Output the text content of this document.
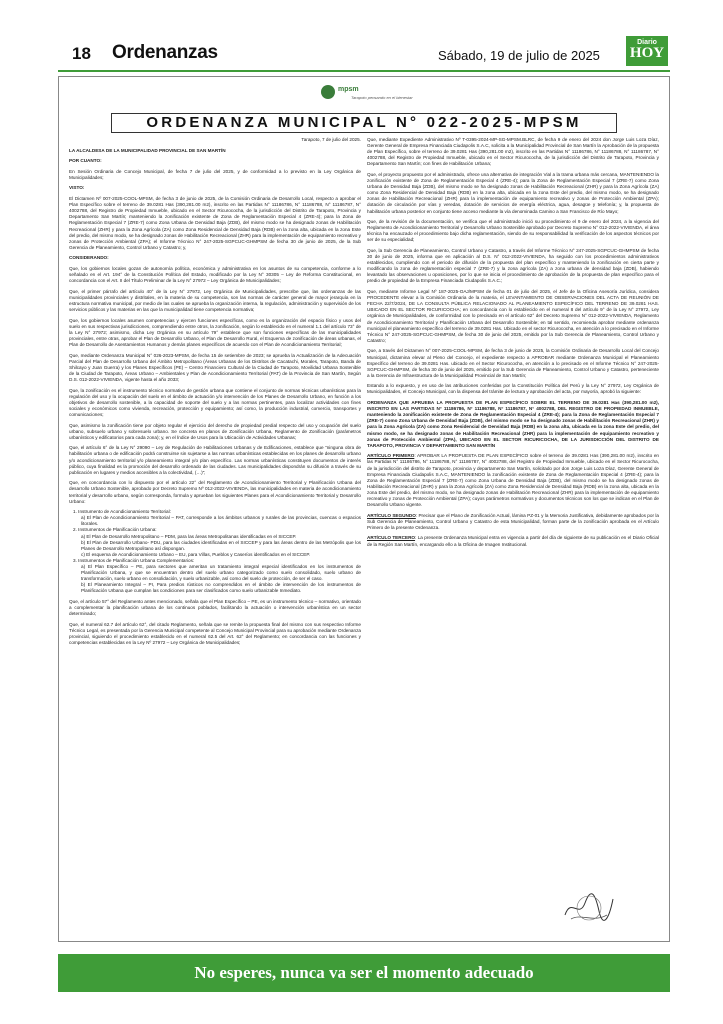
18 Ordenanzas	Sábado, 19 de julio de 2025
Diario
HOY
mpsm
Tarapoto pensando en el bienestar
ORDENANZA MUNICIPAL N° 022-2025-MPSM

Tarapoto, 7 de julio del 2025.

LA ALCALDESA DE LA MUNICIPALIDAD PROVINCIAL DE SAN MARTÍN

POR CUANTO:

En Sesión Ordinaria de Concejo Municipal, de fecha 7 de julio del 2025, y de conformidad a lo previsto en la Ley Orgánica de Municipalidades;

VISTO:

El Dictamen Nº 007-2025-COOL-MPSM, de fecha 3 de junio de 2025, de la Comisión Ordinaria de Desarrollo Local, respecto a aprobar el Plan Específico sobre el terreno de 39.0281 Has (390,281.00 m2), inscrito en las Partidas N° 11186786, N° 11186788, N° 11186787, N° 4002788, del Registro de Propiedad Inmueble, ubicado en el Sector Ricurococha, de la jurisdicción del Distrito de Tarapoto, Provincia y Departamento San Martín; manteniendo la zonificación existente de Zona de Reglamentación Especial 4 (ZRE-4); para la Zona de Reglamentación Especial 7 (ZRE-7) como Zona Urbana de Densidad Baja (ZDB), del mismo modo se ha designado zonas de Habilitación Recreacional (ZHR) y para la Zona Agrícola (ZA) como Zona Residencial de Densidad Baja (RDB) en la zona alta, ubicada en la zona Este del predio, del mismo modo, se ha designado zonas de Habilitación Recreacional (ZHR) para la implementación de equipamiento recreativo y zonas de Protección Ambiental (ZPA); el Informe Técnico N° 247-2025-SGPCUC-GHMPSM de fecha 30 de junio de 2025, de la Sub Gerencia de Planeamiento, Control Urbano y Catastro; y,

CONSIDERANDO:

Que, los gobiernos locales gozan de autonomía política, económica y administrativa en los asuntos de su competencia, conforme a lo señalado en el Art. 194° de la Constitución Política del Estado, modificado por la Ley N° 30305 – Ley de Reforma Constitucional, en concordancia con el Art. II del Título Preliminar de la Ley N° 27972 – Ley Orgánica de Municipalidades;

Que, el primer párrafo del artículo 40° de la Ley N° 27972, Ley Orgánica de Municipalidades, prescribe que, las ordenanzas de las municipalidades provinciales y distritales, en la materia de su competencia, son las normas de carácter general de mayor jerarquía en la estructura normativa municipal, por medio de las cuales se aprueba la organización interna, la regulación, administración y supervisión de los servicios públicos y las materias en las que la municipalidad tiene competencia normativa;

Que, los gobiernos locales asumen competencias y ejercen funciones específicas, como es la organización del espacio físico y usos del suelo en sus respectivas jurisdicciones, comprendiendo entre otros, la zonificación, según lo establecido en el numeral 1.1 del artículo 73° de la Ley N° 27972; asimismo, dicha Ley Orgánica en su artículo 79° establece que son funciones específicas de las municipalidades provinciales, entre otras, aprobar el Plan de Desarrollo Urbano, el Plan de Desarrollo Rural, el Esquema de zonificación de áreas urbanas, el Plan de Desarrollo de Asentamientos Humanos y demás planes específicos de acuerdo con el Plan de Acondicionamiento Territorial;

Que, mediante Ordenanza Municipal N° 026-2023-MPSM, de fecha 15 de setiembre de 2023; se aprueba la Actualización de la Adecuación Parcial del Plan de Desarrollo Urbano del Ámbito Metropolitano (Áreas Urbanas de los Distritos de Cacatachi, Morales, Tarapoto, Banda de Shilcayo y Juan Guerra) y los Planes Específicos (PE) – Centro Financiero Cultural de la Ciudad de Tarapoto, Movilidad Urbana Sostenible de la Ciudad de Tarapoto, Áreas Urbano – Ambientales y Plan de Acondicionamiento Territorial (PAT) de la Provincia de San Martín, Según D.S. 012-2022-VIVIENDA, vigente hasta el año 2033;

Que, la zonificación es el instrumento técnico normativo de gestión urbana que contiene el conjunto de normas técnicas urbanísticas para la regulación del uso y la ocupación del suelo en el ámbito de actuación y/o intervención de los Planes de Desarrollo Urbano, en función a los objetivos de desarrollo sostenible, a la capacidad de soporte del suelo y a las normas pertinentes, para localizar actividades con fines sociales y económicos como vivienda, recreación, protección y equipamiento; así como, la producción industrial, comercio, transportes y comunicaciones;

Que, asimismo la zonificación tiene por objeto regular el ejercicio del derecho de propiedad predial respecto del uso y ocupación del suelo urbano, subsuelo urbano y sobresuelo urbano. Se concreta en planos de Zonificación Urbana, Reglamento de Zonificación (parámetros urbanísticos y edificatorios para cada zona); y, en el Índice de Usos para la Ubicación de Actividades Urbanas;

Que, el artículo 6° de la Ley N° 29090 – Ley de Regulación de Habilitaciones Urbanas y de Edificaciones, establece que “ninguna obra de habilitación urbana o de edificación podrá construirse sin sujetarse a las normas urbanísticas establecidas en los planes de desarrollo urbano y/o acondicionamiento territorial y/o planeamiento integral y/o plan específico. Las normas urbanísticas constituyen documentos de interés público, cuya finalidad es la promoción del desarrollo ordenado de las ciudades. Las municipalidades dispondrán su difusión a través de su publicación en lugares y medios accesibles a la colectividad, (…)”;

Que, en concordancia con lo dispuesto por el artículo 22° del Reglamento de Acondicionamiento Territorial y Planificación Urbana del desarrollo Urbano Sostenible, aprobado por Decreto Supremo Nº 012-2022-VIVIENDA, las municipalidades en materia de acondicionamiento territorial y desarrollo urbano, según corresponda, formula y aprueban los siguientes Planes para el Acondicionamiento Territorial y Desarrollo Urbano:

1. Instrumento de Acondicionamiento Territorial:
a) El Plan de Acondicionamiento Territorial – PAT, corresponde a los ámbitos urbanos y rurales de las provincias, cuencas o espacios litorales.
2. Instrumentos de Planificación Urbana:
a) El Plan de Desarrollo Metropolitano – PDM, para las áreas Metropolitanas identificadas en el SICCEP.
b) El Plan de Desarrollo Urbano- PDU, para las ciudades identificadas en el SICCEP y para las áreas dentro de las Metrópolis que los Planes de Desarrollo Metropolitano así dispongan.
c) El esquema de Acondicionamiento Urbano – EU, para Villas, Pueblos y Caseríos identificados en el SICCEP.
3. Instrumentos de Planificación Urbana Complementarios:
a) El Plan Específico – PE, para sectores que ameritan un tratamiento integral especial identificados en los instrumentos de Planificación Urbana, y que se encuentran dentro del suelo urbano categorizado como suelo consolidado, suelo urbano de transformación, suelo urbano en consolidación, y suelo urbanizable, así como del suelo de protección, de ser el caso.
b) El Planeamiento Integral – PI, Para predios rústicos no comprendidos en el ámbito de intervención de los instrumentos de Planificación Urbana que cumplan las condiciones para ser clasificados como suelo urbanizable Inmediato.

Que, el artículo 57° del Reglamento antes mencionado, señala que el Plan Específico – PE, es un instrumento técnico – normativo, orientado a complementar la planificación urbana de los continuos poblados, facilitando la actuación o intervención urbanística en un sector determinado;

Que, el numeral 62.7 del artículo 62°, del citado Reglamento, señala que se remite la propuesta final del mismo con sus respectivo Informe Técnico Legal, es presentada por la Gerencia Municipal competente al Concejo Municipal Provincial para su aprobación mediante Ordenanza provincial, siguiendo el procedimiento establecido en el numeral 62.5 del Art. 62° del Reglamento; en concordancia con las funciones y competencias establecidas en la Ley Nº 27972 – Ley Orgánica de Municipalidades;

Que, mediante Expediente Administrativo Nº T-0395-2024-MP-SG-MPSM.BLRC, de fecha 9 de enero del 2024 don Jorge Luis Loza Díaz, Gerente General de Empresa Financiada Ciudapolis S.A.C, solicita a la Municipalidad Provincial de San Martín la Aprobación de la propuesta de Plan Específico, sobre el terreno de 39.0281 Has (390,281.00 m2), inscrito en las Partidas N° 11186786, N° 11186788, N° 11186787, N° 4002788, del Registro de Propiedad Inmueble, ubicado en el Sector Ricurococha, de la jurisdicción del Distrito de Tarapoto, Provincia y Departamento San Martín; con fines de Habilitación Urbana;

Que, el proyecto propuesto por el administrado, ofrece una alternativa de integración Vial a la trama urbana más cercana, MANTENIENDO la zonificación existente de Zona de Reglamentación Especial 4 (ZRE-4); para la Zona de Reglamentación Especial 7 (ZRE-7) como Zona Urbana de Densidad Baja (ZDB), del mismo modo se ha designado zonas de Habilitación Recreacional (ZHR) y para la Zona Agrícola (ZA) como Zona Residencial de Densidad Baja (RDB) en la zona alta, ubicada en la zona Este del predio, del mismo modo, se ha designado zonas de Habilitación Recreacional (ZHR) para la implementación de equipamiento recreativo y zonas de Protección Ambiental (ZPA); dotación de circulación por vías y veredas, dotación de servicios de energía eléctrica, agua, desagüe y telefonía; y, la propuesta de habilitación urbana posterior en conjunto tiene acceso mediante la vía denominada Camino a San Francisco de Río Mayo;

Que, de la revisión de la documentación, se verifica que el administrado inició su procedimiento el 9 de enero del 2024, a la vigencia del Reglamento de Acondicionamiento Territorial y Desarrollo Urbano Sostenible aprobado por Decreto Supremo N° 012-2022-VIVIENDA, el área técnica ha encauzado el procedimiento bajo dicha reglamentación, siendo de su responsabilidad la verificación de los aspectos técnicos por ser de su especialidad;

Que, la Sub Gerencia de Planeamiento, Control Urbano y Catastro, a través del Informe Técnico N° 247-2025-SGPCUC-GHMPSM de fecha 30 de junio de 2025, informa que en aplicación al D.S. N° 012-2022-VIVIENDA, ha seguido con los procedimientos administrativos establecidos, cumpliendo con el periodo de difusión de la propuesta del plan específico y manteniendo la zonificación en cierta parte y modificando la zona de reglamentación especial 7 (ZRE-7) y la zona agrícola (ZA) a zona urbana de densidad baja (ZDB), habiendo levantado las observaciones u oposiciones, por lo que se inicia el procedimiento de aprobación de la propuesta de plan específico para el predio de propiedad de la Empresa Financiada Ciudapolis S.A.C.;

Que, mediante Informe Legal Nº 187-2025-OAJ/MPSM de fecha 01 de julio del 2025, el Jefe de la Oficina Asesoría Jurídica, considera PROCEDENTE elevar a la Comisión Ordinaria de la materia, el LEVANTAMIENTO DE OBSERVACIONES DEL ACTA DE REUNIÓN DE FECHA 22/7/2024, DE LA CONSULTA PÚBLICA RELACIONADO AL PLANEAMIENTO ESPECÍFICO DEL TERRENO DE 39.0281 HAS. UBICADO EN EL SECTOR RICURICOCHA; en concordancia con lo establecido en el numeral 8 del artículo 9° de la Ley N° 27972, Ley orgánica de Municipalidades, de conformidad con lo precisado en el artículo 62° del Decreto Supremo N° 012-2022-VIVIENDA, Reglamento de Acondicionamiento Territorial y Planificación Urbana del Desarrollo Sostenible; en tal sentido, recomienda aprobar mediante ordenanza municipal el planeamiento específico del terreno de 39.0281 Has. Ubicado en el sector Ricurococha, en atención a lo precisado en el Informe Técnico N° 247-2025-SGPCUC-GHMPSM, de fecha 30 de junio del 2025, emitido por la Sub Gerencia de Planeamiento, Control Urbano y Catastro;

Que, a través del Dictamen N° 007-2025-COOL-MPSM, de fecha 3 de junio de 2025, la Comisión Ordinaria de Desarrollo Local del Concejo Municipal, dictamina elevar al Pleno del Concejo, el expediente respecto a APROBAR mediante Ordenanza Municipal el Planeamiento Específico del terreno de 39.0281 Has. ubicado en el Sector Ricurococha, en atención a lo precisado en el Informe Técnico N° 247-2025-SGPCUC-GHMPSM, de fecha 30 de junio del 2025, emitido por la Sub Gerencia de Planeamiento, Control Urbano y Catastro, perteneciente a la Gerencia de Infraestructura de la Municipalidad Provincial de San Martín;

Estando a lo expuesto, y en uso de las atribuciones conferidas por la Constitución Política del Perú y la Ley N° 27972, Ley Orgánica de Municipalidades, el Concejo Municipal, con la dispensa del trámite de lectura y aprobación del acta, por mayoría, aprobó la siguiente:

ORDENANZA QUE APRUEBA LA PROPUESTA DE PLAN ESPECÍFICO SOBRE EL TERRENO DE 39.0281 Has (390,281.00 m2), INSCRITO EN LAS PARTIDAS N° 11186786, N° 11186788, N° 11186787, N° 4002788, DEL REGISTRO DE PROPIEDAD INMUEBLE, manteniendo la zonificación existente de Zona de Reglamentación Especial 4 (ZRE-4); para la Zona de Reglamentación Especial 7 (ZRE-7) como Zona Urbana de Densidad Baja (ZDB), del mismo modo se ha designado zonas de Habilitación Recreacional (ZHR) y para la Zona Agrícola (ZA) como Zona Residencial de Densidad Baja (RDB) en la zona alta, ubicada en la zona Este del predio, del mismo modo, se ha designado zonas de Habilitación Recreacional (ZHR) para la implementación de equipamiento recreativo y zonas de Protección Ambiental (ZPA), UBICADO EN EL SECTOR RICURICOCHA, DE LA JURISDICCIÓN DEL DISTRITO DE TARAPOTO, PROVINCIA Y DEPARTAMENTO SAN MARTÍN

ARTÍCULO PRIMERO: APROBAR LA PROPUESTA DE PLAN ESPECÍFICO sobre el terreno de 39.0281 Has (390,281.00 m2), inscrito en las Partidas N° 11186786, N° 11186788, N° 11186787, N° 4002788, del Registro de Propiedad Inmueble, ubicado en el Sector Ricurococha, de la jurisdicción del distrito de Tarapoto, provincia y departamento San Martín, solicitado por don Jorge Luis Loza Díaz, Gerente General de Empresa Financiada Ciudapolis S.A.C, MANTENIENDO la zonificación existente de Zona de Reglamentación Especial 4 (ZRE-4); para la Zona de Reglamentación Especial 7 (ZRE-7) como Zona Urbana de Densidad Baja (ZDB), del mismo modo se ha designado zonas de Habilitación Recreacional (ZHR) y para la Zona Agrícola (ZA) como Zona Residencial de Densidad Baja (RDB) en la zona alta, ubicada en la zona Este del predio, del mismo modo, se ha designado zonas de Habilitación Recreacional (ZHR) para la implementación de equipamiento recreativo y zonas de Protección Ambiental (ZPA); cuyos parámetros normativos y documentos técnicos son los que se indican en el Plan de Desarrollo Urbano vigente.

ARTÍCULO SEGUNDO: Precisar que el Plano de Zonificación Actual, lámina PZ-01 y la Memoria Justificativa, debidamente aprobados por la Sub Gerencia de Planeamiento, Control Urbano y Catastro de esta Municipalidad, forman parte de la zonificación aprobada en el Artículo Primero de la presente Ordenanza.

ARTÍCULO TERCERO: La presente Ordenanza Municipal entra en vigencia a partir del día de siguiente de su publicación en el Diario Oficial de la Región San Martín, encargando ello a la Oficina de Imagen Institucional.

No esperes, nunca va ser el momento adecuado
